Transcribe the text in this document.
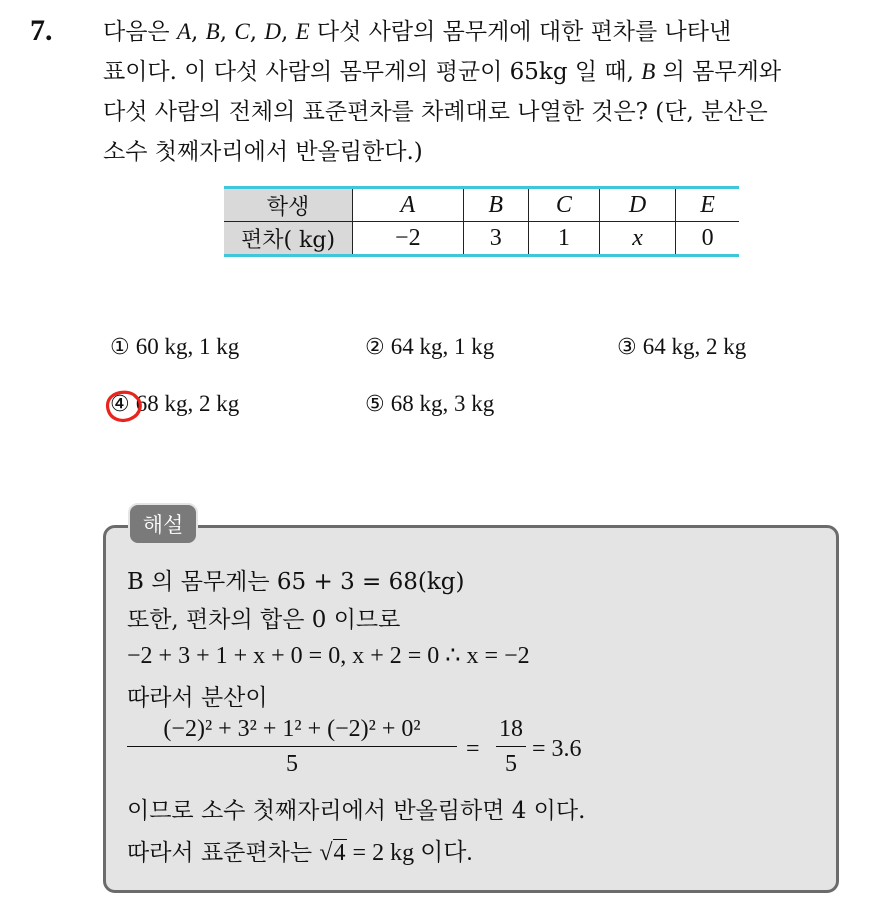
7. 다음은 A, B, C, D, E 다섯 사람의 몸무게에 대한 편차를 나타낸
표이다. 이 다섯 사람의 몸무게의 평균이 65kg 일 때, B 의 몸무게와
다섯 사람의 전체의 표준편차를 차례대로 나열한 것은? (단, 분산은
소수 첫째자리에서 반올림한다.)
학생	A	B	C	D	E
편차( kg)	−2	3	1	x	0
① 60 kg, 1 kg	② 64 kg, 1 kg	③ 64 kg, 2 kg
④ 68 kg, 2 kg	⑤ 68 kg, 3 kg
해설
B 의 몸무게는 65 + 3 = 68(kg)
또한, 편차의 합은 0 이므로
−2 + 3 + 1 + x + 0 = 0, x + 2 = 0 ∴ x = −2
따라서 분산이
$\frac{\text{(−2)² + 3² + 1² + (−2)² + 0²}}{5} = \frac{18}{5} = 3.6$
이므로 소수 첫째자리에서 반올림하면 4 이다.
따라서 표준편차는 √4 = 2 kg 이다.
